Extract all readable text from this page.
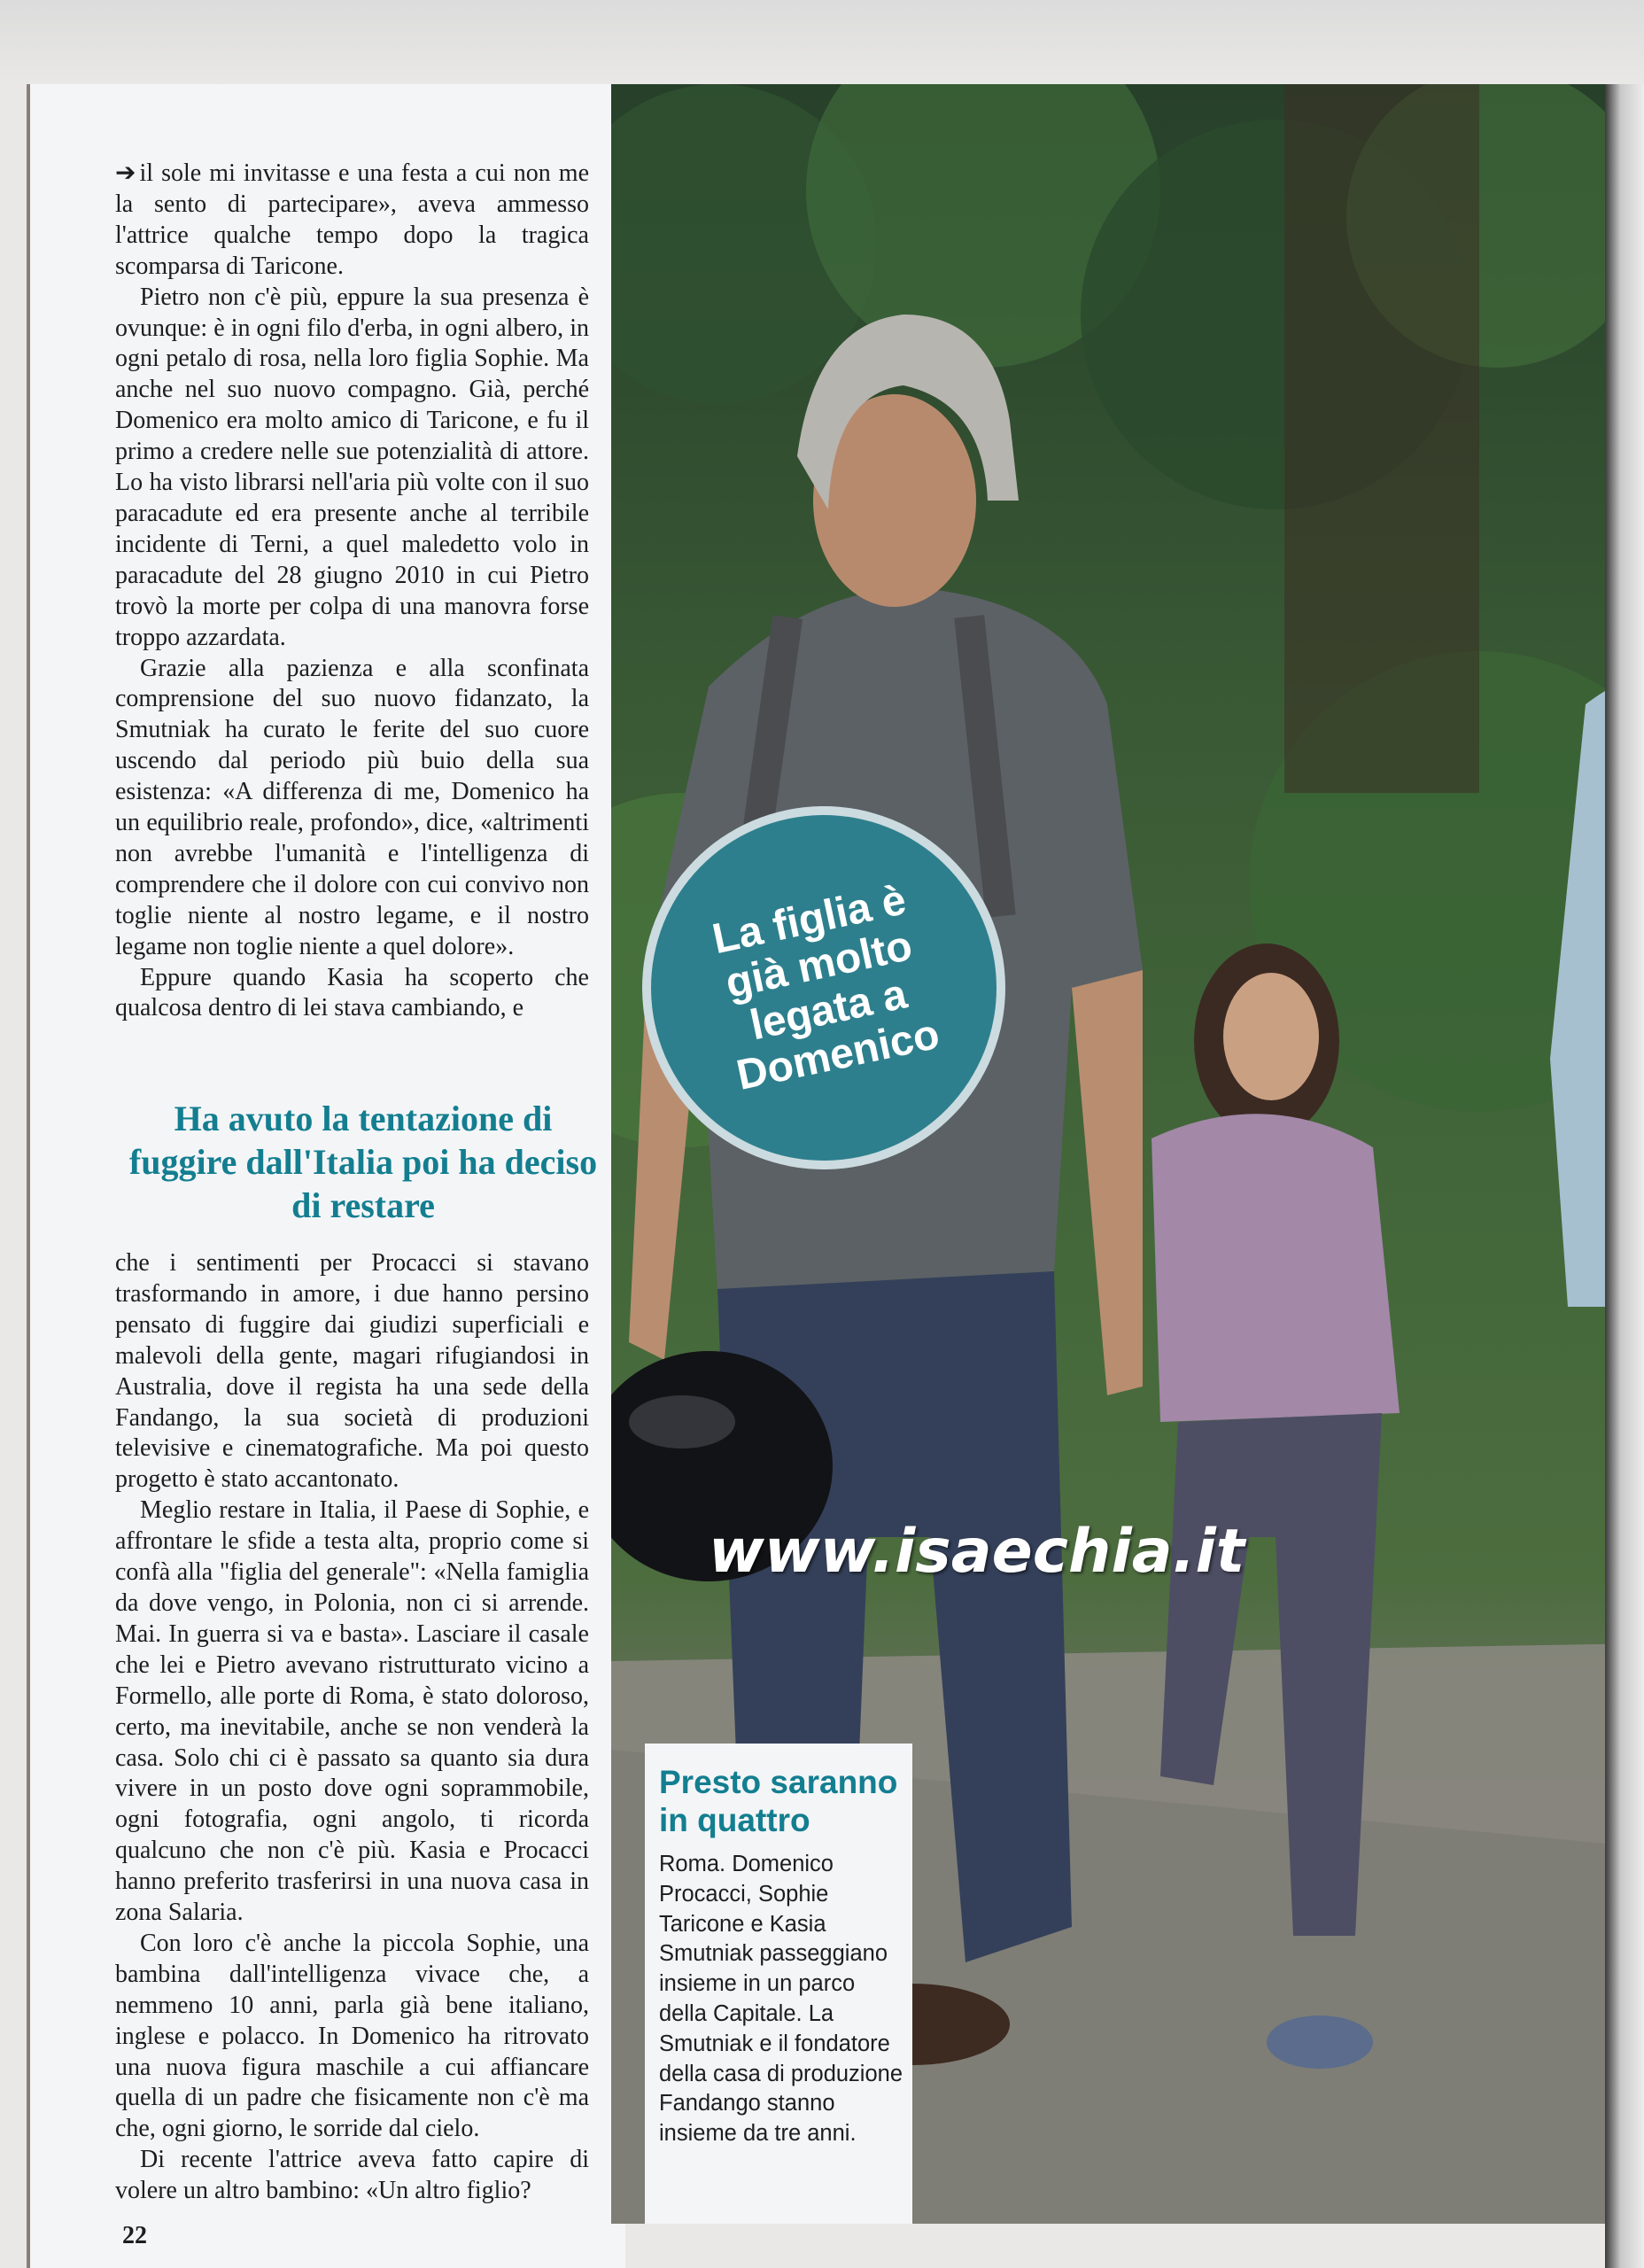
➔ il sole mi invitasse e una festa a cui non me la sento di partecipare», aveva ammesso l'attrice qualche tempo dopo la tragica scomparsa di Taricone.

Pietro non c'è più, eppure la sua presenza è ovunque: è in ogni filo d'erba, in ogni albero, in ogni petalo di rosa, nella loro figlia Sophie. Ma anche nel suo nuovo compagno. Già, perché Domenico era molto amico di Taricone, e fu il primo a credere nelle sue potenzialità di attore. Lo ha visto librarsi nell'aria più volte con il suo paracadute ed era presente anche al terribile incidente di Terni, a quel maledetto volo in paracadute del 28 giugno 2010 in cui Pietro trovò la morte per colpa di una manovra forse troppo azzardata.

Grazie alla pazienza e alla sconfinata comprensione del suo nuovo fidanzato, la Smutniak ha curato le ferite del suo cuore uscendo dal periodo più buio della sua esistenza: «A differenza di me, Domenico ha un equilibrio reale, profondo», dice, «altrimenti non avrebbe l'umanità e l'intelligenza di comprendere che il dolore con cui convivo non toglie niente al nostro legame, e il nostro legame non toglie niente a quel dolore».

Eppure quando Kasia ha scoperto che qualcosa dentro di lei stava cambiando, e

Ha avuto la tentazione di fuggire dall'Italia poi ha deciso di restare

che i sentimenti per Procacci si stavano trasformando in amore, i due hanno persino pensato di fuggire dai giudizi superficiali e malevoli della gente, magari rifugiandosi in Australia, dove il regista ha una sede della Fandango, la sua società di produzioni televisive e cinematografiche. Ma poi questo progetto è stato accantonato.

Meglio restare in Italia, il Paese di Sophie, e affrontare le sfide a testa alta, proprio come si confà alla "figlia del generale": «Nella famiglia da dove vengo, in Polonia, non ci si arrende. Mai. In guerra si va e basta». Lasciare il casale che lei e Pietro avevano ristrutturato vicino a Formello, alle porte di Roma, è stato doloroso, certo, ma inevitabile, anche se non venderà la casa. Solo chi ci è passato sa quanto sia dura vivere in un posto dove ogni soprammobile, ogni fotografia, ogni angolo, ti ricorda qualcuno che non c'è più. Kasia e Procacci hanno preferito trasferirsi in una nuova casa in zona Salaria.

Con loro c'è anche la piccola Sophie, una bambina dall'intelligenza vivace che, a nemmeno 10 anni, parla già bene italiano, inglese e polacco. In Domenico ha ritrovato una nuova figura maschile a cui affiancare quella di un padre che fisicamente non c'è ma che, ogni giorno, le sorride dal cielo.

Di recente l'attrice aveva fatto capire di volere un altro bambino: «Un altro figlio?

22
La figlia è già molto legata a Domenico
www.isaechia.it
Presto saranno in quattro
Roma. Domenico Procacci, Sophie Taricone e Kasia Smutniak passeggiano insieme in un parco della Capitale. La Smutniak e il fondatore della casa di produzione Fandango stanno insieme da tre anni.
